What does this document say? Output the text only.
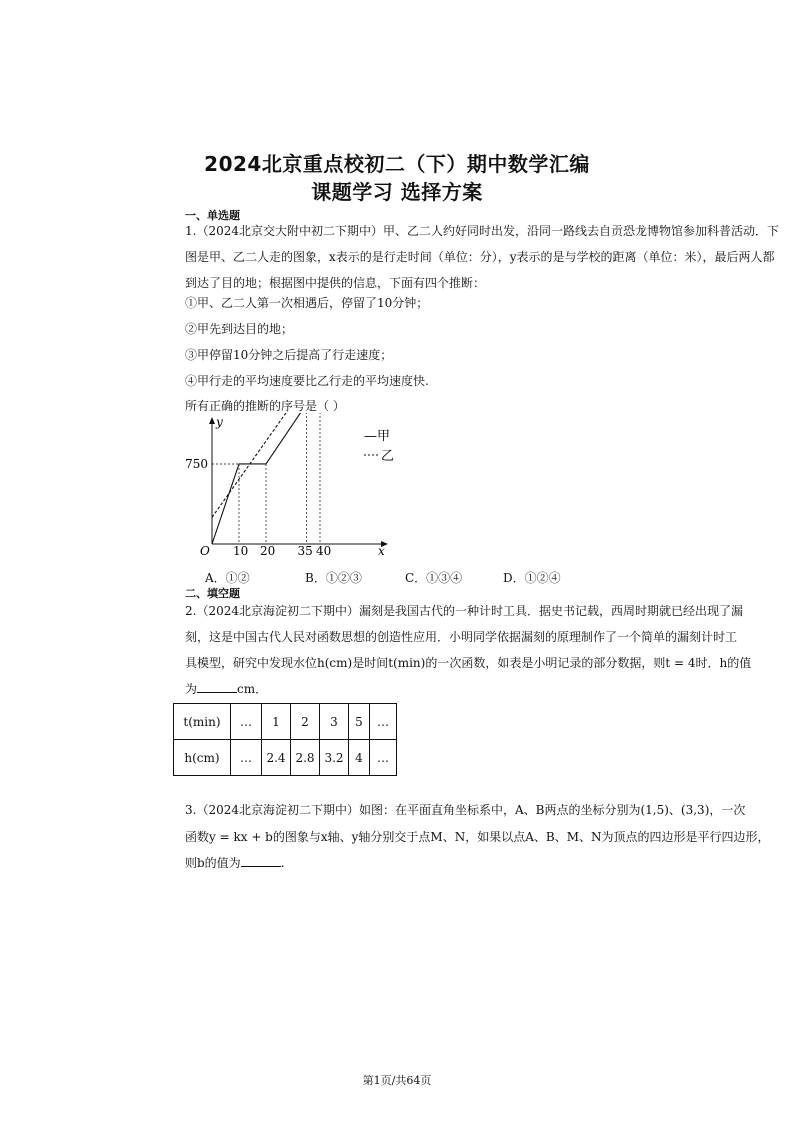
2024北京重点校初二（下）期中数学汇编
课题学习 选择方案
一、单选题
1.（2024北京交大附中初二下期中）甲、乙二人约好同时出发，沿同一路线去自贡恐龙博物馆参加科普活动．下图是甲、乙二人走的图象，x表示的是行走时间（单位：分），y表示的是与学校的距离（单位：米），最后两人都到达了目的地；根据图中提供的信息，下面有四个推断：
①甲、乙二人第一次相遇后，停留了10分钟；
②甲先到达目的地；
③甲停留10分钟之后提高了行走速度；
④甲行走的平均速度要比乙行走的平均速度快.
所有正确的推断的序号是（ ）
y
x
O 10 20 35 40
750
—甲
乙
A．①②	B．①②③	C．①③④	D．①②④
二、填空题
2.（2024北京海淀初二下期中）漏刻是我国古代的一种计时工具．据史书记载，西周时期就已经出现了漏
刻，这是中国古代人民对函数思想的创造性应用．小明同学依据漏刻的原理制作了一个简单的漏刻计时工
具模型，研究中发现水位h(cm)是时间t(min)的一次函数，如表是小明记录的部分数据，则t = 4时．h的值
为	cm．
t(min)	…	1	2	3	5	…
h(cm)	…	2.4	2.8	3.2	4	…
3.（2024北京海淀初二下期中）如图：在平面直角坐标系中，A、B两点的坐标分别为(1,5)、(3,3)，一次
函数y = kx + b的图象与x轴、y轴分别交于点M、N，如果以点A、B、M、N为顶点的四边形是平行四边形，
则b的值为	.
第1页/共64页
